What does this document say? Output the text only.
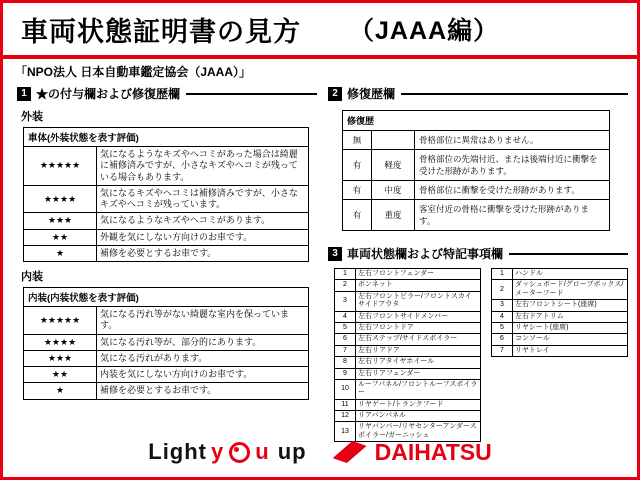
車両状態証明書の見方 （JAAA編）
「NPO法人 日本自動車鑑定協会（JAAA）」
1 ★の付与欄および修復歴欄
外装
車体(外装状態を表す評価)	
★★★★★	気になるようなキズやヘコミがあった場合は綺麗に補修済みですが、小さなキズやヘコミが残っている場合もあります。
★★★★	気になるキズやヘコミは補修済みですが、小さなキズやヘコミが残っています。
★★★	気になるようなキズやヘコミがあります。
★★	外観を気にしない方向けのお車です。
★	補修を必要とするお車です。
内装
内装(内装状態を表す評価)	
★★★★★	気になる汚れ等がない綺麗な室内を保っています。
★★★★	気になる汚れ等が、部分的にあります。
★★★	気になる汚れがあります。
★★	内装を気にしない方向けのお車です。
★	補修を必要とするお車です。
2 修復歴欄
修復歴		
無		骨格部位に異常はありません。
有	軽度	骨格部位の先端付近、または後端付近に衝撃を受けた形跡があります。
有	中度	骨格部位に衝撃を受けた形跡があります。
有	重度	客室付近の骨格に衝撃を受けた形跡があります。
3 車両状態欄および特記事項欄
1	左右フロントフェンダー
2	ボンネット
3	左右フロントピラー/フロントスカイサイドアウタ
4	左右フロントサイドメンバー
5	左右フロントドア
6	左右ステップ/サイドスポイラー
7	左右リアドア
8	左右リアタイヤホイール
9	左右リアフェンダー
10	ルーフパネル/フロントルーフスポイラー
11	リヤゲート/トランクフード
12	リアバンパネル
13	リヤバンパー/リヤセンターアンダースポイラー/ガーニッシュ
1	ハンドル
2	ダッシュボード/グローブボックス/メーターフード
3	左右フロントシート(座席)
4	左右ドアトリム
5	リヤシート(座席)
6	コンソール
7	リヤトレイ
Light y u up	DAIHATSU
